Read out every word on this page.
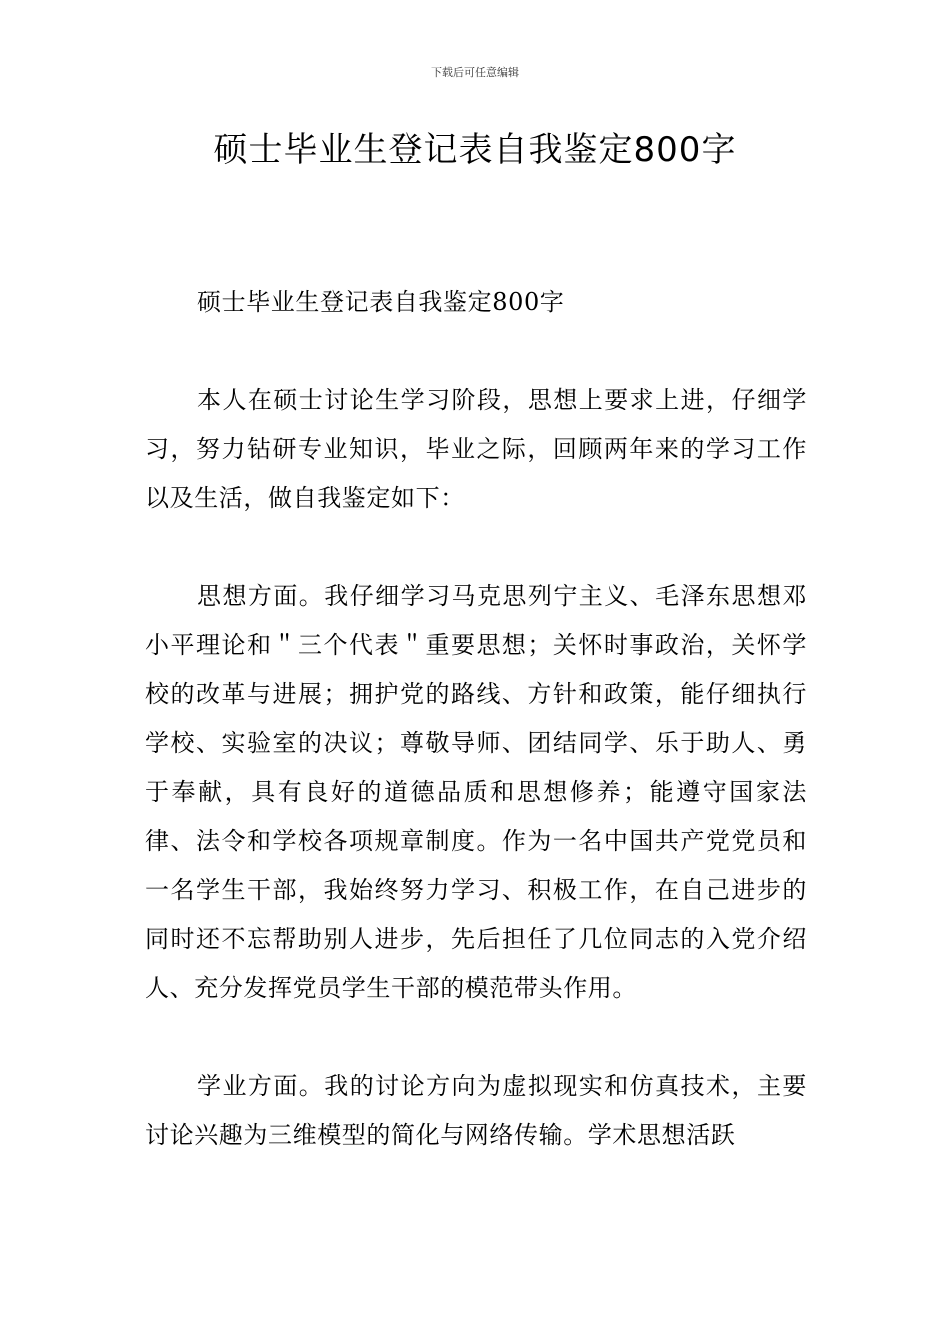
下载后可任意编辑
硕士毕业生登记表自我鉴定800字

硕士毕业生登记表自我鉴定800字

本人在硕士讨论生学习阶段，思想上要求上进，仔细学习，努力钻研专业知识，毕业之际，回顾两年来的学习工作以及生活，做自我鉴定如下：

思想方面。我仔细学习马克思列宁主义、毛泽东思想邓小平理论和＂三个代表＂重要思想；关怀时事政治，关怀学校的改革与进展；拥护党的路线、方针和政策，能仔细执行学校、实验室的决议；尊敬导师、团结同学、乐于助人、勇于奉献，具有良好的道德品质和思想修养；能遵守国家法律、法令和学校各项规章制度。作为一名中国共产党党员和一名学生干部，我始终努力学习、积极工作，在自己进步的同时还不忘帮助别人进步，先后担任了几位同志的入党介绍人、充分发挥党员学生干部的模范带头作用。

学业方面。我的讨论方向为虚拟现实和仿真技术，主要讨论兴趣为三维模型的简化与网络传输。学术思想活跃
